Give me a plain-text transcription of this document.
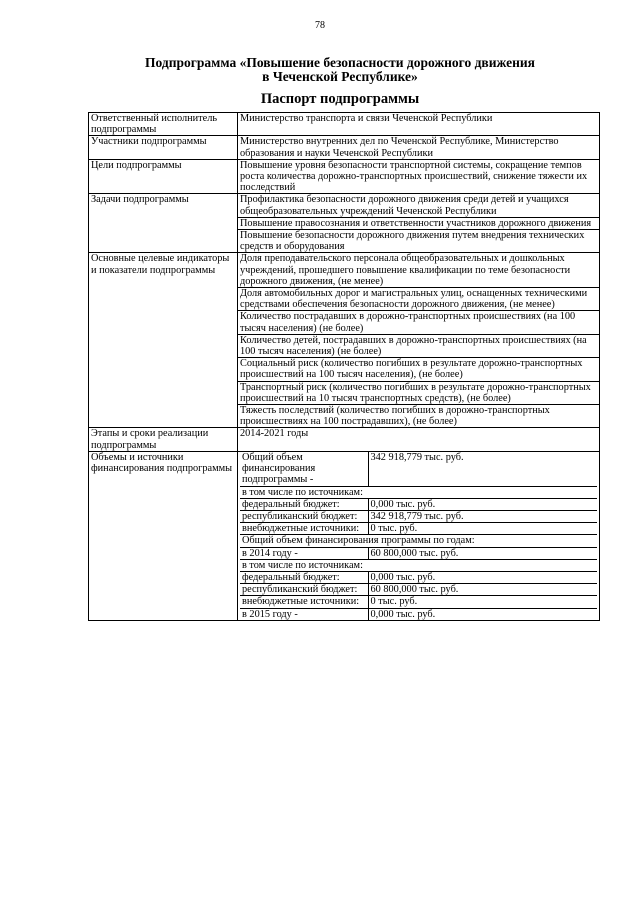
78
Подпрограмма «Повышение безопасности дорожного движения
в Чеченской Республике»
Паспорт подпрограммы
Ответственный исполнитель подпрограммы	Министерство транспорта и связи Чеченской Республики
Участники подпрограммы	Министерство внутренних дел по Чеченской Республике, Министерство образования и науки Чеченской Республики
Цели подпрограммы	Повышение уровня безопасности транспортной системы, сокращение темпов роста количества дорожно-транспортных происшествий, снижение тяжести их последствий
Задачи подпрограммы	Профилактика безопасности дорожного движения среди детей и учащихся общеобразовательных учреждений Чеченской Республики
Повышение правосознания и ответственности участников дорожного движения
Повышение безопасности дорожного движения путем внедрения технических средств и оборудования
Основные целевые индикаторы и показатели подпрограммы	Доля преподавательского персонала общеобразовательных и дошкольных учреждений, прошедшего повышение квалификации по теме безопасности дорожного движения, (не менее)
Доля автомобильных дорог и магистральных улиц, оснащенных техническими средствами обеспечения безопасности дорожного движения, (не менее)
Количество пострадавших в дорожно-транспортных происшествиях (на 100 тысяч населения) (не более)
Количество детей, пострадавших в дорожно-транспортных происшествиях (на 100 тысяч населения) (не более)
Социальный риск (количество погибших в результате дорожно-транспортных происшествий на 100 тысяч населения), (не более)
Транспортный риск (количество погибших в результате дорожно-транспортных происшествий на 10 тысяч транспортных средств), (не более)
Тяжесть последствий (количество погибших в дорожно-транспортных происшествиях на 100 пострадавших), (не более)
Этапы и сроки реализации подпрограммы	2014-2021 годы
Объемы и источники финансирования подпрограммы	
Общий объем финансирования подпрограммы -	342 918,779 тыс. руб.
в том числе по источникам:
федеральный бюджет:	0,000 тыс. руб.
республиканский бюджет:	342 918,779 тыс. руб.
внебюджетные источники:	0 тыс. руб.
Общий объем финансирования программы по годам:
в 2014 году -	60 800,000 тыс. руб.
в том числе по источникам:
федеральный бюджет:	0,000 тыс. руб.
республиканский бюджет:	60 800,000 тыс. руб.
внебюджетные источники:	0 тыс. руб.
в 2015 году -	0,000 тыс. руб.
